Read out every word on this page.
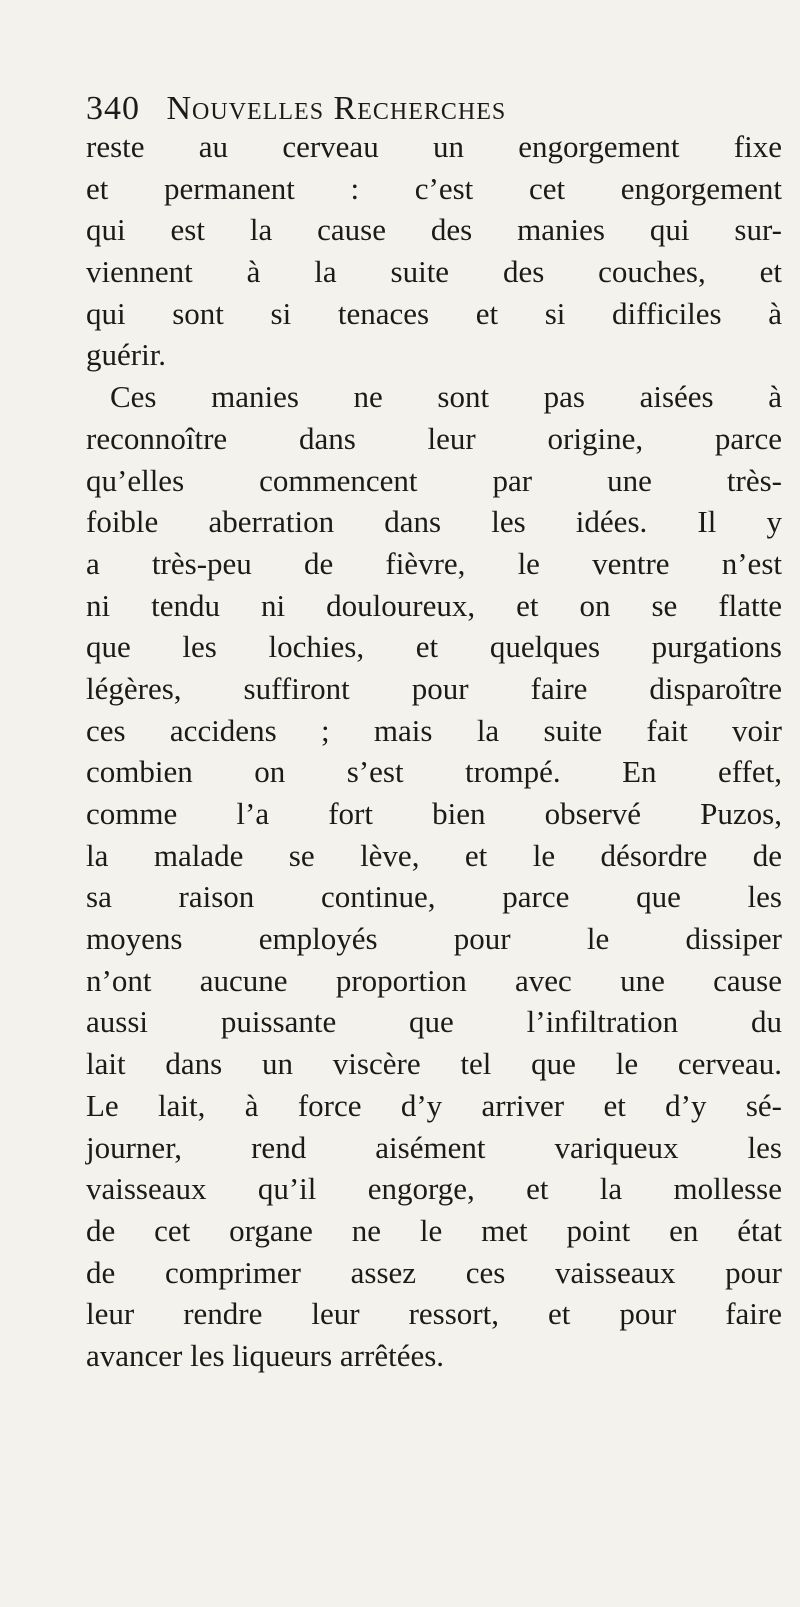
340 Nouvelles Recherches
reste au cerveau un engorgement fixe
et permanent : c’est cet engorgement
qui est la cause des manies qui sur-
viennent à la suite des couches, et
qui sont si tenaces et si difficiles à
guérir.
Ces manies ne sont pas aisées à
reconnoître dans leur origine, parce
qu’elles commencent par une très-
foible aberration dans les idées. Il y
a très-peu de fièvre, le ventre n’est
ni tendu ni douloureux, et on se flatte
que les lochies, et quelques purgations
légères, suffiront pour faire disparoître
ces accidens ; mais la suite fait voir
combien on s’est trompé. En effet,
comme l’a fort bien observé Puzos,
la malade se lève, et le désordre de
sa raison continue, parce que les
moyens employés pour le dissiper
n’ont aucune proportion avec une cause
aussi puissante que l’infiltration du
lait dans un viscère tel que le cerveau.
Le lait, à force d’y arriver et d’y sé-
journer, rend aisément variqueux les
vaisseaux qu’il engorge, et la mollesse
de cet organe ne le met point en état
de comprimer assez ces vaisseaux pour
leur rendre leur ressort, et pour faire
avancer les liqueurs arrêtées.
